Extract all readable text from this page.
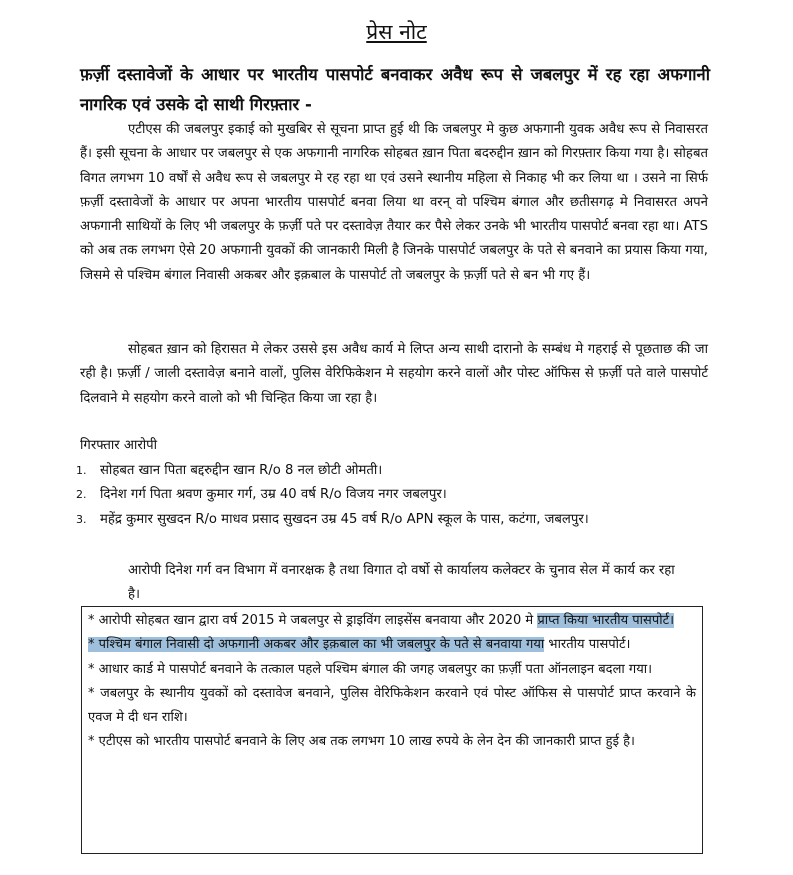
प्रेस नोट
फ़र्ज़ी दस्तावेजों के आधार पर भारतीय पासपोर्ट बनवाकर अवैध रूप से जबलपुर में रह रहा अफगानी नागरिक एवं उसके दो साथी गिरफ़्तार -
एटीएस की जबलपुर इकाई को मुखबिर से सूचना प्राप्त हुई थी कि जबलपुर मे कुछ अफगानी युवक अवैध रूप से निवासरत हैं। इसी सूचना के आधार पर जबलपुर से एक अफगानी नागरिक सोहबत ख़ान पिता बदरुद्दीन ख़ान को गिरफ़्तार किया गया है। सोहबत विगत लगभग 10 वर्षों से अवैध रूप से जबलपुर मे रह रहा था एवं उसने स्थानीय महिला से निकाह भी कर लिया था । उसने ना सिर्फ फ़र्ज़ी दस्तावेजों के आधार पर अपना भारतीय पासपोर्ट बनवा लिया था वरन् वो पश्चिम बंगाल और छतीसगढ़ मे निवासरत अपने अफगानी साथियों के लिए भी जबलपुर के फ़र्ज़ी पते पर दस्तावेज़ तैयार कर पैसे लेकर उनके भी भारतीय पासपोर्ट बनवा रहा था। ATS को अब तक लगभग ऐसे 20 अफगानी युवकों की जानकारी मिली है जिनके पासपोर्ट जबलपुर के पते से बनवाने का प्रयास किया गया, जिसमे से पश्चिम बंगाल निवासी अकबर और इक़बाल के पासपोर्ट तो जबलपुर के फ़र्ज़ी पते से बन भी गए हैं।
सोहबत ख़ान को हिरासत मे लेकर उससे इस अवैध कार्य मे लिप्त अन्य साथी दारानो के सम्बंध मे गहराई से पूछताछ की जा रही है। फ़र्ज़ी / जाली दस्तावेज़ बनाने वालों, पुलिस वेरिफिकेशन मे सहयोग करने वालों और पोस्ट ऑफिस से फ़र्ज़ी पते वाले पासपोर्ट दिलवाने मे सहयोग करने वालो को भी चिन्हित किया जा रहा है।
गिरफ्तार आरोपी
1. सोहबत खान पिता बद्दरुद्दीन खान R/o 8 नल छोटी ओमती।
2. दिनेश गर्ग पिता श्रवण कुमार गर्ग, उम्र 40 वर्ष R/o विजय नगर जबलपुर।
3. महेंद्र कुमार सुखदन R/o माधव प्रसाद सुखदन उम्र 45 वर्ष R/o APN स्कूल के पास, कटंगा, जबलपुर।
आरोपी दिनेश गर्ग वन विभाग में वनारक्षक है तथा विगात दो वर्षो से कार्यालय कलेक्टर के चुनाव सेल में कार्य कर रहा है।
* आरोपी सोहबत खान द्वारा वर्ष 2015 मे जबलपुर से ड्राइविंग लाइसेंस बनवाया और 2020 मे प्राप्त किया भारतीय पासपोर्ट।
* पश्चिम बंगाल निवासी दो अफगानी अकबर और इक़बाल का भी जबलपुर के पते से बनवाया गया भारतीय पासपोर्ट।
* आधार कार्ड मे पासपोर्ट बनवाने के तत्काल पहले पश्चिम बंगाल की जगह जबलपुर का फ़र्ज़ी पता ऑनलाइन बदला गया।
* जबलपुर के स्थानीय युवकों को दस्तावेज बनवाने, पुलिस वेरिफिकेशन करवाने एवं पोस्ट ऑफिस से पासपोर्ट प्राप्त करवाने के एवज मे दी धन राशि।
* एटीएस को भारतीय पासपोर्ट बनवाने के लिए अब तक लगभग 10 लाख रुपये के लेन देन की जानकारी प्राप्त हुई है।
